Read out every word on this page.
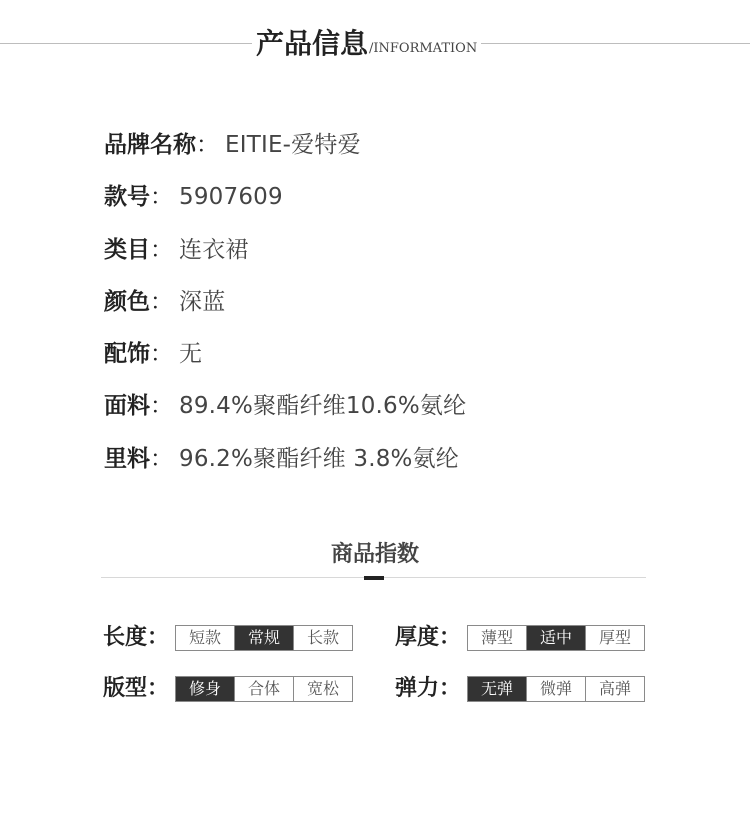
产品信息 /INFORMATION
品牌名称 ： EITIE-爱特爱
款号 ： 5907609
类目 ： 连衣裙
颜色 ： 深蓝
配饰 ： 无
面料 ： 89.4%聚酯纤维10.6%氨纶
里料 ： 96.2%聚酯纤维 3.8%氨纶
商品指数
长度：	短款	常规	长款	厚度：	薄型	适中	厚型
版型：	修身	合体	宽松	弹力：	无弹	微弹	高弹
